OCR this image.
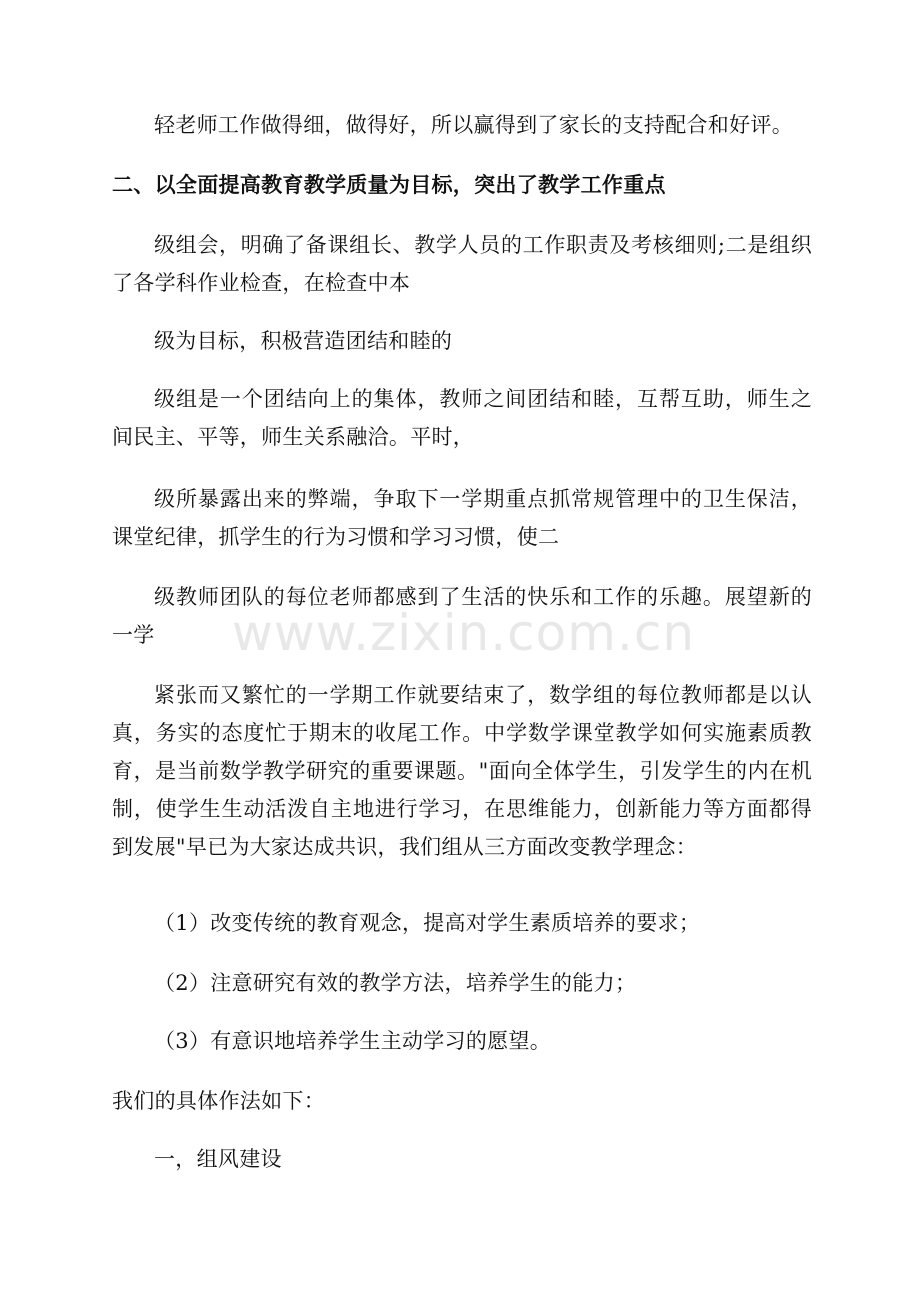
轻老师工作做得细，做得好，所以赢得到了家长的支持配合和好评。

二、以全面提高教育教学质量为目标，突出了教学工作重点

级组会，明确了备课组长、教学人员的工作职责及考核细则;二是组织了各学科作业检查，在检查中本

级为目标，积极营造团结和睦的

级组是一个团结向上的集体，教师之间团结和睦，互帮互助，师生之间民主、平等，师生关系融洽。平时，

级所暴露出来的弊端，争取下一学期重点抓常规管理中的卫生保洁，课堂纪律，抓学生的行为习惯和学习习惯，使二

级教师团队的每位老师都感到了生活的快乐和工作的乐趣。展望新的一学

紧张而又繁忙的一学期工作就要结束了，数学组的每位教师都是以认真，务实的态度忙于期末的收尾工作。中学数学课堂教学如何实施素质教育，是当前数学教学研究的重要课题。"面向全体学生，引发学生的内在机制，使学生生动活泼自主地进行学习，在思维能力，创新能力等方面都得到发展"早已为大家达成共识，我们组从三方面改变教学理念：

（1）改变传统的教育观念，提高对学生素质培养的要求；

（2）注意研究有效的教学方法，培养学生的能力；

（3）有意识地培养学生主动学习的愿望。

我们的具体作法如下：

一，组风建设

www.zixin.com.cn
